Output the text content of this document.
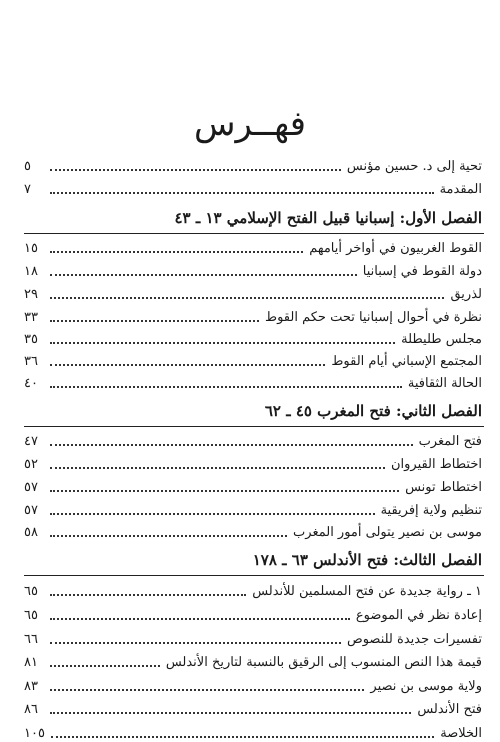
فهــرس
تحية إلى د. حسين مؤنس
٥
المقدمة
٧
الفصل الأول: إسبانيا قبيل الفتح الإسلامي ١٣ ـ ٤٣
القوط الغربيون في أواخر أيامهم
١٥
دولة القوط في إسبانيا
١٨
لذريق
٢٩
نظرة في أحوال إسبانيا تحت حكم القوط
٣٣
مجلس طليطلة
٣٥
المجتمع الإسباني أيام القوط
٣٦
الحالة الثقافية
٤٠
الفصل الثاني: فتح المغرب ٤٥ ـ ٦٢
فتح المغرب
٤٧
اختطاط القيروان
٥٢
اختطاط تونس
٥٧
تنظيم ولاية إفريقية
٥٧
موسى بن نصير يتولى أمور المغرب
٥٨
الفصل الثالث: فتح الأندلس ٦٣ ـ ١٧٨
١ ـ رواية جديدة عن فتح المسلمين للأندلس
٦٥
إعادة نظر في الموضوع
٦٥
تفسيرات جديدة للنصوص
٦٦
قيمة هذا النص المنسوب إلى الرقيق بالنسبة لتاريخ الأندلس
٨١
ولاية موسى بن نصير
٨٣
فتح الأندلس
٨٦
الخلاصة
١٠٥
